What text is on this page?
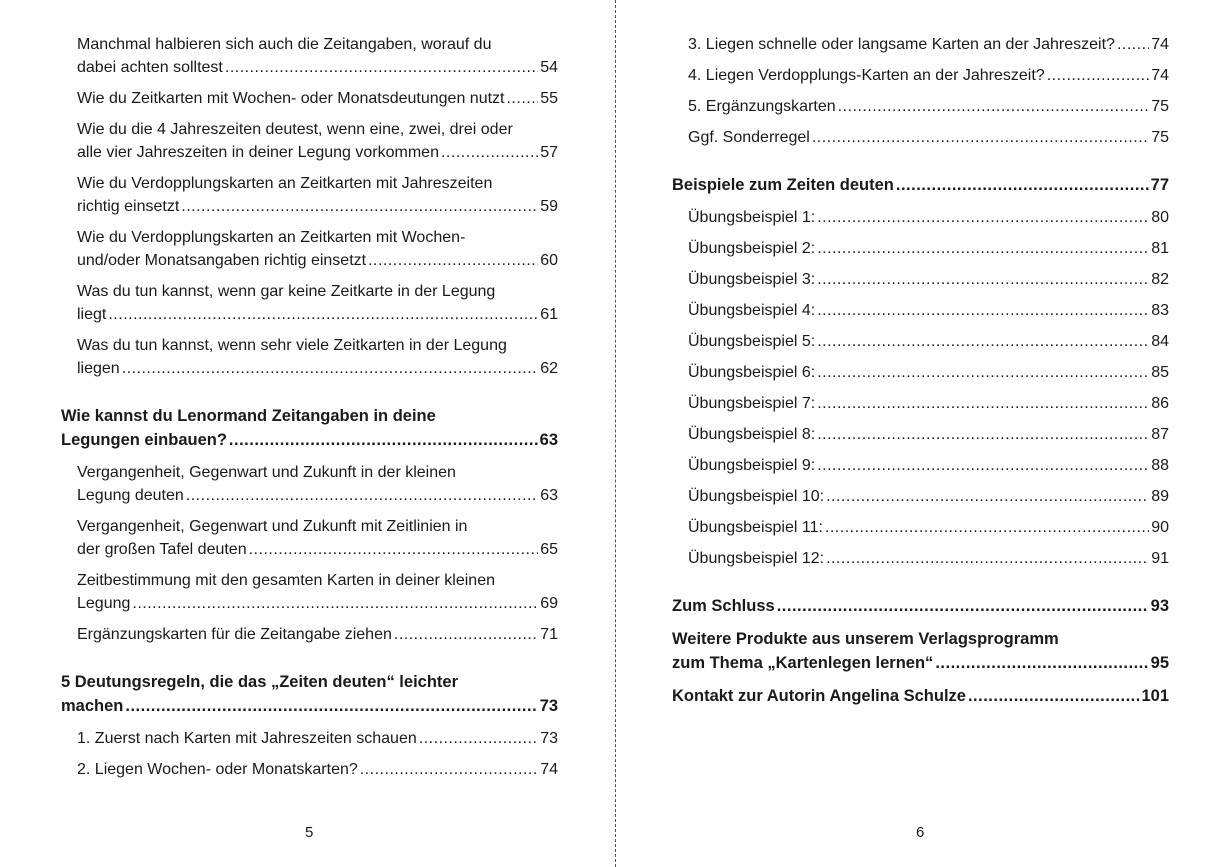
Manchmal halbieren sich auch die Zeitangaben, worauf du
dabei achten solltest .....	54
Wie du Zeitkarten mit Wochen- oder Monatsdeutungen nutzt ..... 55
Wie du die 4 Jahreszeiten deutest, wenn eine, zwei, drei oder
alle vier Jahreszeiten in deiner Legung vorkommen .....	57
Wie du Verdopplungskarten an Zeitkarten mit Jahreszeiten
richtig einsetzt .....	59
Wie du Verdopplungskarten an Zeitkarten mit Wochen-
und/oder Monatsangaben richtig einsetzt .....	60
Was du tun kannst, wenn gar keine Zeitkarte in der Legung
liegt .....	61
Was du tun kannst, wenn sehr viele Zeitkarten in der Legung
liegen .....	62
Wie kannst du Lenormand Zeitangaben in deine
Legungen einbauen? .....	63
Vergangenheit, Gegenwart und Zukunft in der kleinen
Legung deuten .....	63
Vergangenheit, Gegenwart und Zukunft mit Zeitlinien in
der großen Tafel deuten .....	65
Zeitbestimmung mit den gesamten Karten in deiner kleinen
Legung .....	69
Ergänzungskarten für die Zeitangabe ziehen .....	71
5 Deutungsregeln, die das „Zeiten deuten“ leichter
machen .....	73
1. Zuerst nach Karten mit Jahreszeiten schauen .....	73
2. Liegen Wochen- oder Monatskarten? .....	74
5
3. Liegen schnelle oder langsame Karten an der Jahreszeit? ..... 74
4. Liegen Verdopplungs-Karten an der Jahreszeit? .....	74
5. Ergänzungskarten .....	75
Ggf. Sonderregel .....	75
Beispiele zum Zeiten deuten .....	77
Übungsbeispiel 1: .....	80
Übungsbeispiel 2: .....	81
Übungsbeispiel 3: .....	82
Übungsbeispiel 4: .....	83
Übungsbeispiel 5: .....	84
Übungsbeispiel 6: .....	85
Übungsbeispiel 7: .....	86
Übungsbeispiel 8: .....	87
Übungsbeispiel 9: .....	88
Übungsbeispiel 10: .....	89
Übungsbeispiel 11: .....	90
Übungsbeispiel 12: .....	91
Zum Schluss .....	93
Weitere Produkte aus unserem Verlagsprogramm
zum Thema „Kartenlegen lernen“ .....	95
Kontakt zur Autorin Angelina Schulze .....	101
6
